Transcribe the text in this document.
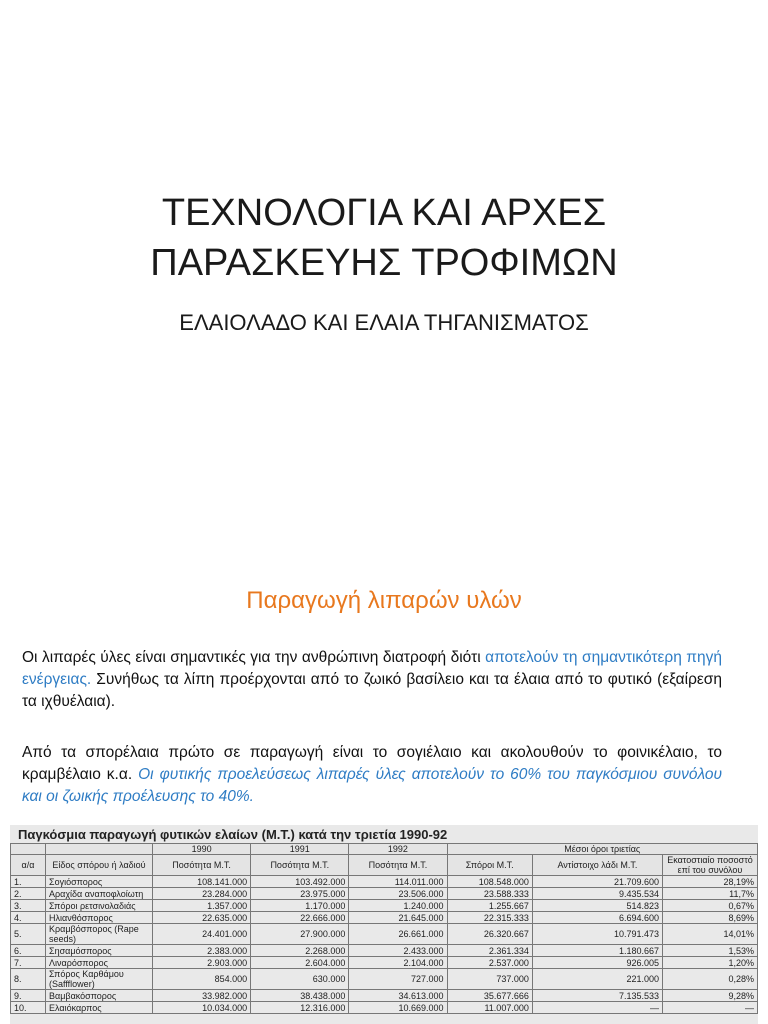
ΤΕΧΝΟΛΟΓΙΑ ΚΑΙ ΑΡΧΕΣ
ΠΑΡΑΣΚΕΥΗΣ ΤΡΟΦΙΜΩΝ

ΕΛΑΙΟΛΑΔΟ ΚΑΙ ΕΛΑΙΑ ΤΗΓΑΝΙΣΜΑΤΟΣ

Παραγωγή λιπαρών υλών

Οι λιπαρές ύλες είναι σημαντικές για την ανθρώπινη διατροφή διότι αποτελούν τη σημαντικότερη πηγή ενέργειας. Συνήθως τα λίπη προέρχονται από το ζωικό βασίλειο και τα έλαια από το φυτικό (εξαίρεση τα ιχθυέλαια).

Από τα σπορέλαια πρώτο σε παραγωγή είναι το σογιέλαιο και ακολουθούν το φοινικέλαιο, το κραμβέλαιο κ.α. Οι φυτικής προελεύσεως λιπαρές ύλες αποτελούν το 60% του παγκόσμιου συνόλου και οι ζωικής προέλευσης το 40%.

Παγκόσμια παραγωγή φυτικών ελαίων (Μ.Τ.) κατά την τριετία 1990-92
		1990	1991	1992	Μέσοι όροι τριετίας		
α/α	Είδος σπόρου ή λαδιού	Ποσότητα Μ.Τ.	Ποσότητα Μ.Τ.	Ποσότητα Μ.Τ.	Σπόροι Μ.Τ.	Αντίστοιχο λάδι Μ.Τ.	Εκατοστιαίο ποσοστό επί του συνόλου
1.	Σογιόσπορος	108.141.000	103.492.000	114.011.000	108.548.000	21.709.600	28,19%
2.	Αραχίδα αναποφλοίωτη	23.284.000	23.975.000	23.506.000	23.588.333	9.435.534	11,7%
3.	Σπόροι ρετσινολαδιάς	1.357.000	1.170.000	1.240.000	1.255.667	514.823	0,67%
4.	Ηλιανθόσπορος	22.635.000	22.666.000	21.645.000	22.315.333	6.694.600	8,69%
5.	Κραμβόσπορος (Rape seeds)	24.401.000	27.900.000	26.661.000	26.320.667	10.791.473	14,01%
6.	Σησαμόσπορος	2.383.000	2.268.000	2.433.000	2.361.334	1.180.667	1,53%
7.	Λιναρόσπορος	2.903.000	2.604.000	2.104.000	2.537.000	926.005	1,20%
8.	Σπόρος Καρθάμου (Saffflower)	854.000	630.000	727.000	737.000	221.000	0,28%
9.	Βαμβακόσπορος	33.982.000	38.438.000	34.613.000	35.677.666	7.135.533	9,28%
10.	Ελαιόκαρπος	10.034.000	12.316.000	10.669.000	11.007.000	—	—
